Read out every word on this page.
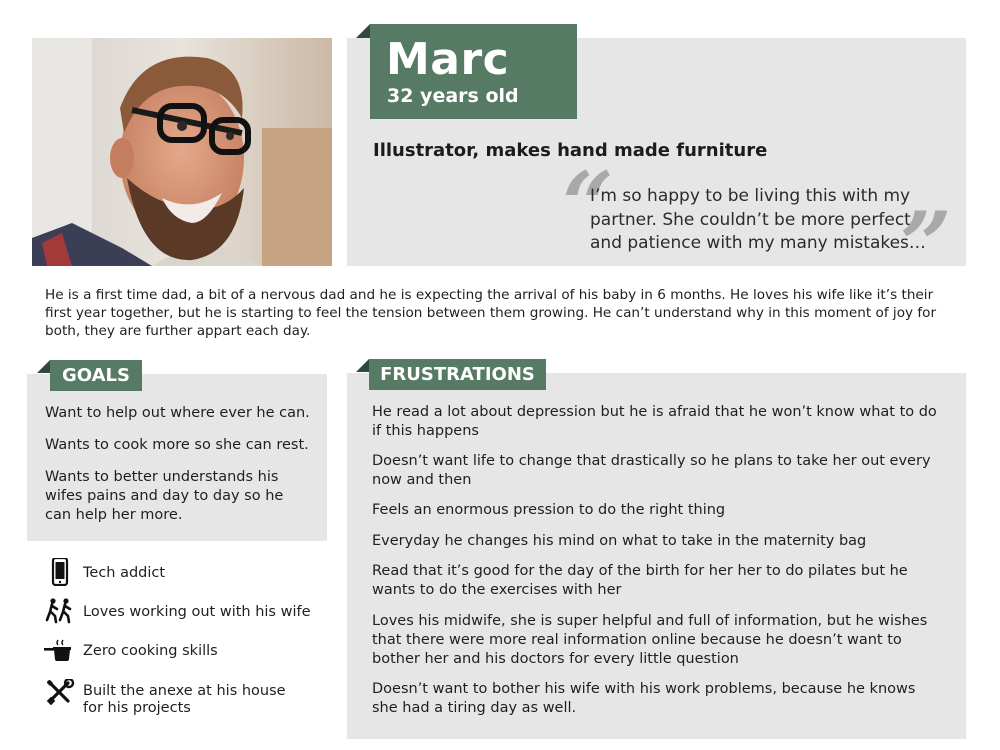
Marc
32 years old
Illustrator, makes hand made furniture
“
I’m so happy to be living this with my partner. She couldn’t be more perfect and patience with my many mistakes…
”
He is a first time dad, a bit of a nervous dad and he is expecting the arrival of his baby in 6 months. He loves his wife like it’s their first year together, but he is starting to feel the tension between them growing. He can’t understand why in this moment of joy for both, they are further appart each day.
GOALS
Want to help out where ever he can.
Wants to cook more so she can rest.
Wants to better understands his wifes pains and day to day so he can help her more.
Tech addict
Loves working out with his wife
Zero cooking skills
Built the anexe at his house for his projects
FRUSTRATIONS
He read a lot about depression but he is afraid that he won’t know what to do if this happens
Doesn’t want life to change that drastically so he plans to take her out every now and then
Feels an enormous pression to do the right thing
Everyday he changes his mind on what to take in the maternity bag
Read that it’s good for the day of the birth for her her to do pilates but he wants to do the exercises with her
Loves his midwife, she is super helpful and full of information, but he wishes that there were more real information online because he doesn’t want to bother her and his doctors for every little question
Doesn’t want to bother his wife with his work problems, because he knows she had a tiring day as well.
